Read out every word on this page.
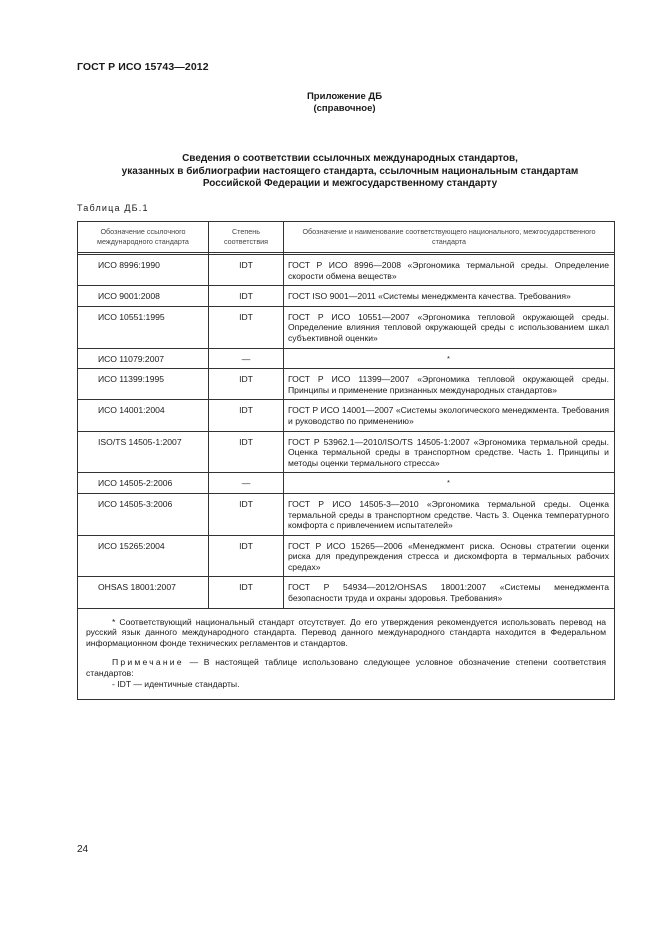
ГОСТ Р ИСО 15743—2012
Приложение ДБ
(справочное)
Сведения о соответствии ссылочных международных стандартов,
указанных в библиографии настоящего стандарта, ссылочным национальным стандартам
Российской Федерации и межгосударственному стандарту
Таблица ДБ.1
Обозначение ссылочного международного стандарта	Степень соответствия	Обозначение и наименование соответствующего национального, межгосударственного стандарта

ИСО 8996:1990	IDT	ГОСТ Р ИСО 8996—2008 «Эргономика термальной среды. Определение скорости обмена веществ»
ИСО 9001:2008	IDT	ГОСТ ISO 9001—2011 «Системы менеджмента качества. Требования»
ИСО 10551:1995	IDT	ГОСТ Р ИСО 10551—2007 «Эргономика тепловой окружающей среды. Определение влияния тепловой окружающей среды с использованием шкал субъективной оценки»
ИСО 11079:2007	—	*
ИСО 11399:1995	IDT	ГОСТ Р ИСО 11399—2007 «Эргономика тепловой окружающей среды. Принципы и применение признанных международных стандартов»
ИСО 14001:2004	IDT	ГОСТ Р ИСО 14001—2007 «Системы экологического менеджмента. Требования и руководство по применению»
ISO/TS 14505-1:2007	IDT	ГОСТ Р 53962.1—2010/ISO/TS 14505-1:2007 «Эргономика термальной среды. Оценка термальной среды в транспортном средстве. Часть 1. Принципы и методы оценки термального стресса»
ИСО 14505-2:2006	—	*
ИСО 14505-3:2006	IDT	ГОСТ Р ИСО 14505-3—2010 «Эргономика термальной среды. Оценка термальной среды в транспортном средстве. Часть 3. Оценка температурного комфорта с привлечением испытателей»
ИСО 15265:2004	IDT	ГОСТ Р ИСО 15265—2006 «Менеджмент риска. Основы стратегии оценки риска для предупреждения стресса и дискомфорта в термальных рабочих средах»
OHSAS 18001:2007	IDT	ГОСТ Р 54934—2012/OHSAS 18001:2007 «Системы менеджмента безопасности труда и охраны здоровья. Требования»

* Соответствующий национальный стандарт отсутствует. До его утверждения рекомендуется использовать перевод на русский язык данного международного стандарта. Перевод данного международного стандарта находится в Федеральном информационном фонде технических регламентов и стандартов.
Примечание — В настоящей таблице использовано следующее условное обозначение степени соответствия стандартов:
- IDT — идентичные стандарты.		
24
